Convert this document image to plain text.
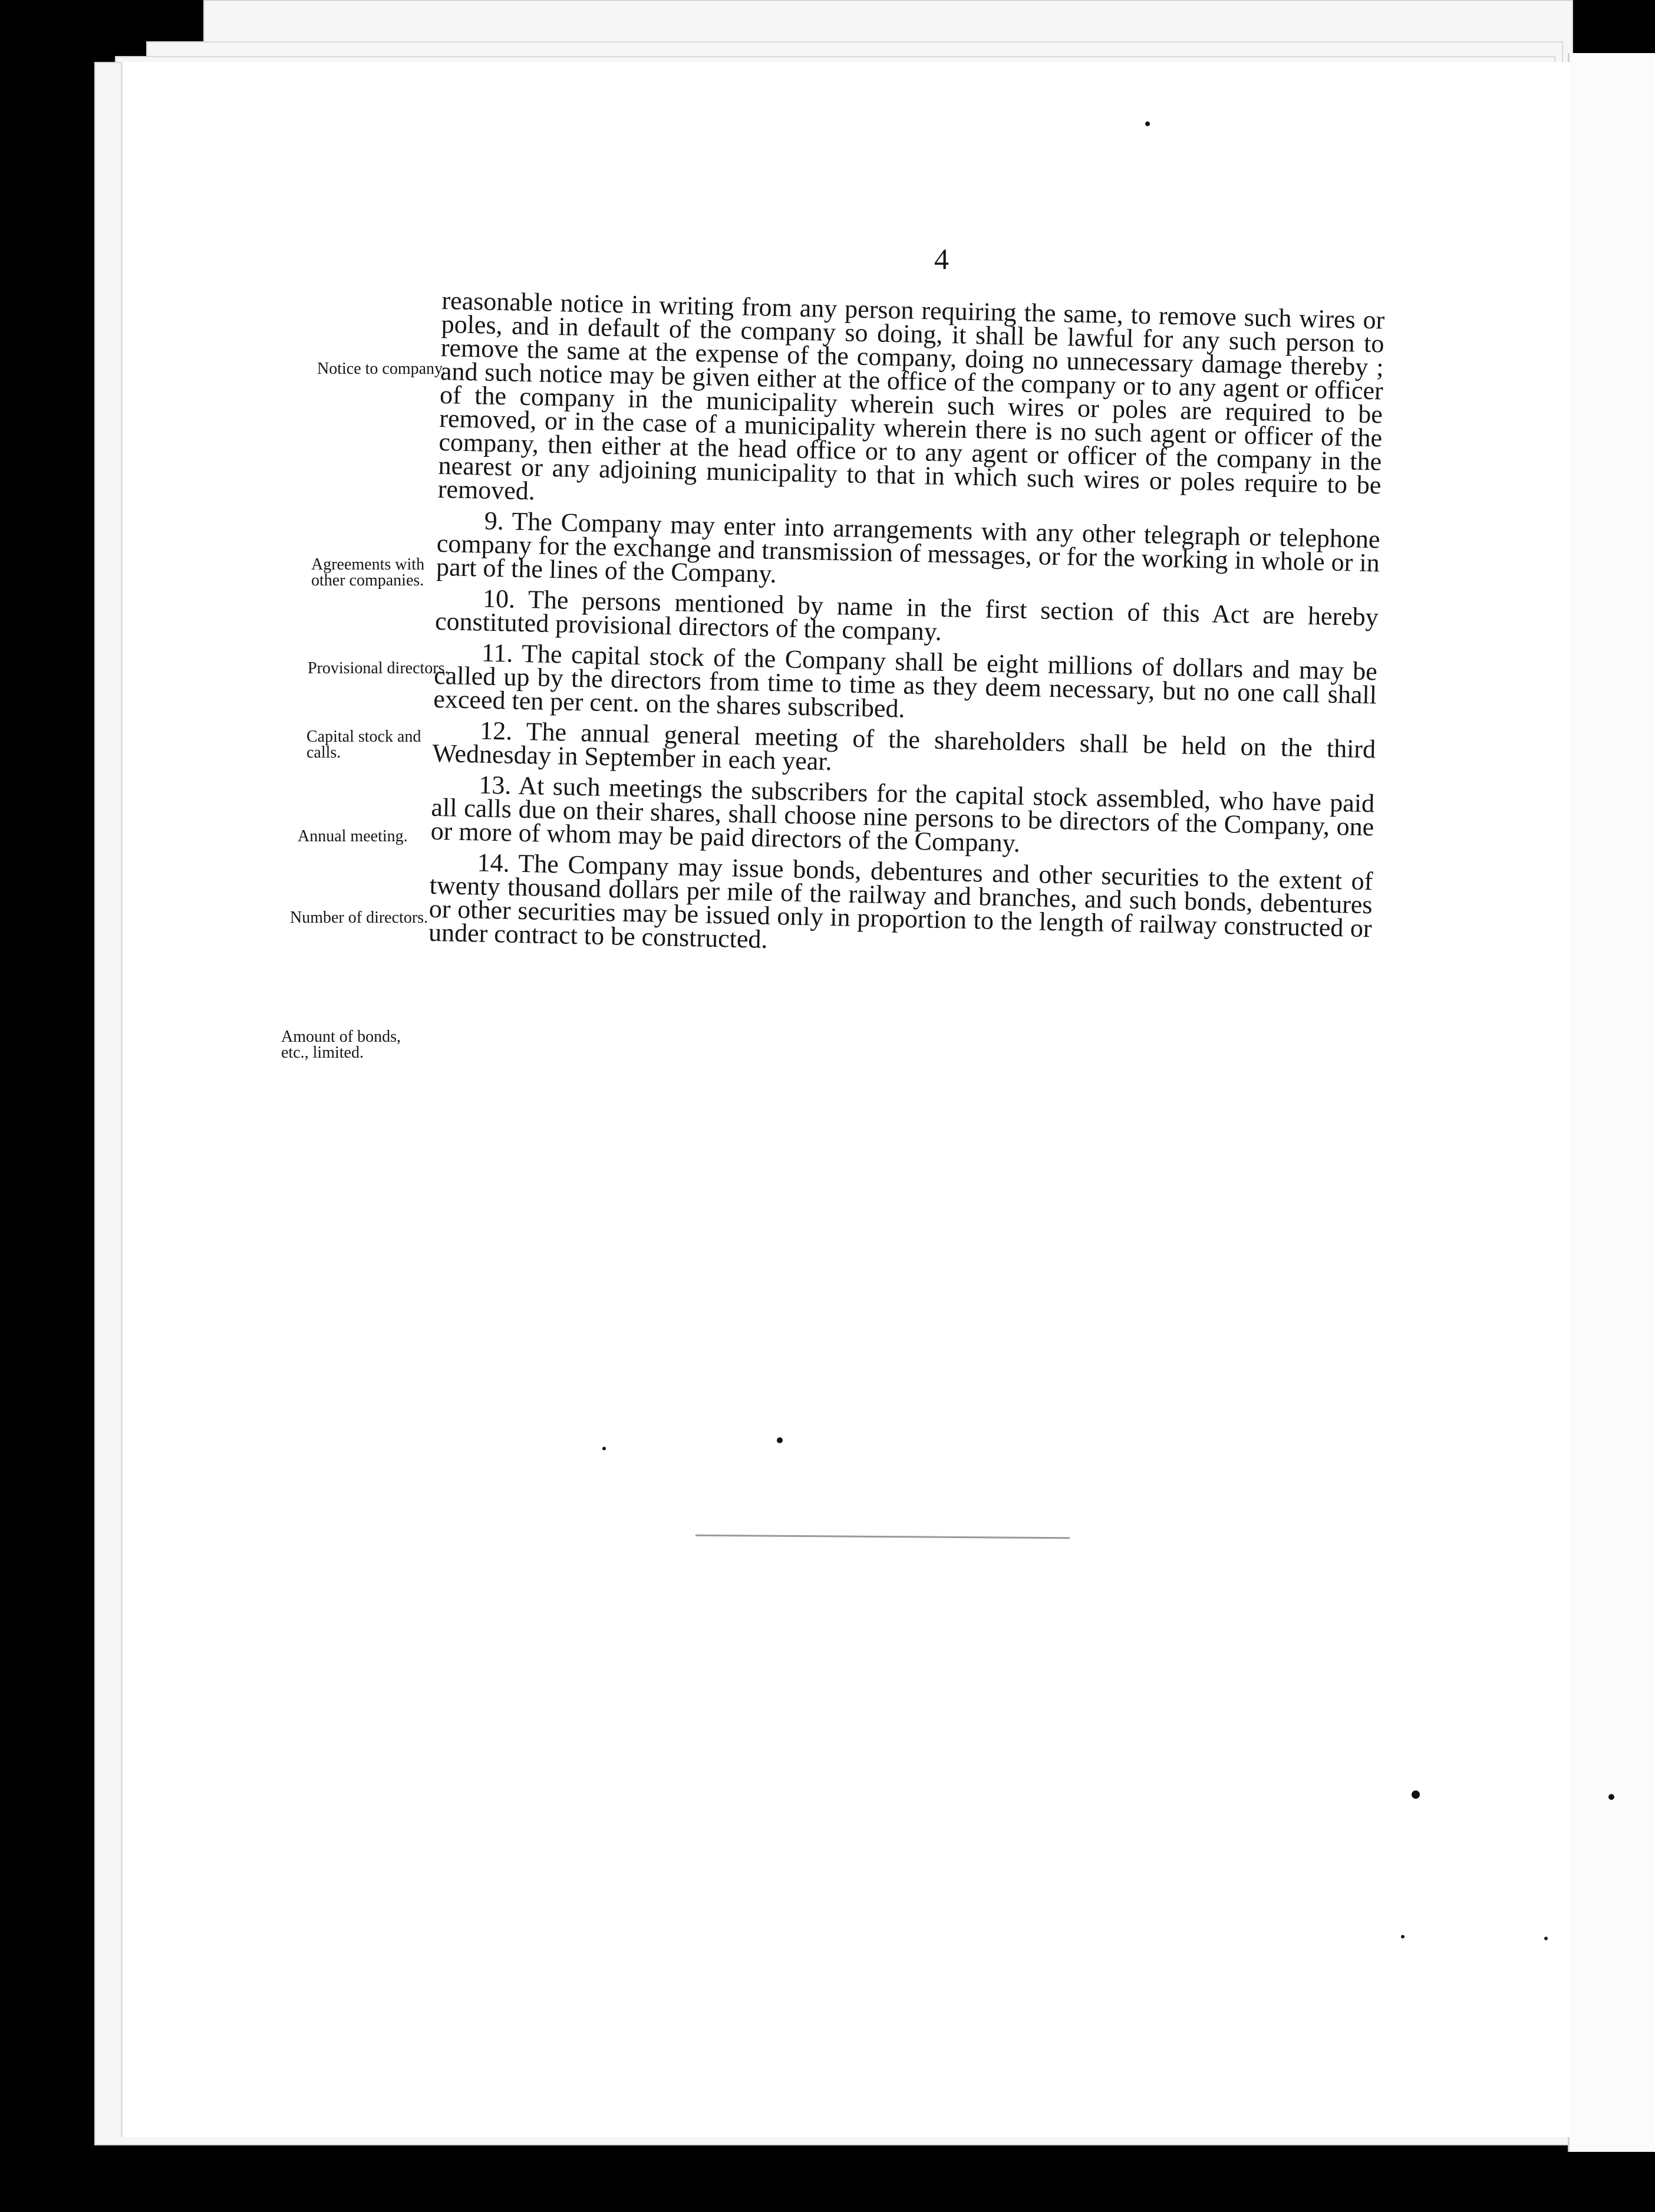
4
Notice to company.
Agreements with other companies.
Provisional directors.
Capital stock and calls.
Annual meeting.
Number of directors.
Amount of bonds, etc., limited.

reasonable notice in writing from any person requiring the same, to remove such wires or poles, and in default of the company so doing, it shall be lawful for any such person to remove the same at the expense of the company, doing no unnecessary damage thereby ; and such notice may be given either at the office of the company or to any agent or officer of the company in the municipality wherein such wires or poles are required to be removed, or in the case of a municipality wherein there is no such agent or officer of the company, then either at the head office or to any agent or officer of the company in the nearest or any adjoining municipality to that in which such wires or poles require to be removed.

9. The Company may enter into arrangements with any other telegraph or telephone company for the exchange and transmission of messages, or for the working in whole or in part of the lines of the Company.

10. The persons mentioned by name in the first section of this Act are hereby constituted provisional directors of the company.

11. The capital stock of the Company shall be eight millions of dollars and may be called up by the directors from time to time as they deem necessary, but no one call shall exceed ten per cent. on the shares subscribed.

12. The annual general meeting of the shareholders shall be held on the third Wednesday in September in each year.

13. At such meetings the subscribers for the capital stock assembled, who have paid all calls due on their shares, shall choose nine persons to be directors of the Company, one or more of whom may be paid directors of the Company.

14. The Company may issue bonds, debentures and other securities to the extent of twenty thousand dollars per mile of the railway and branches, and such bonds, debentures or other securities may be issued only in proportion to the length of railway constructed or under contract to be constructed.
